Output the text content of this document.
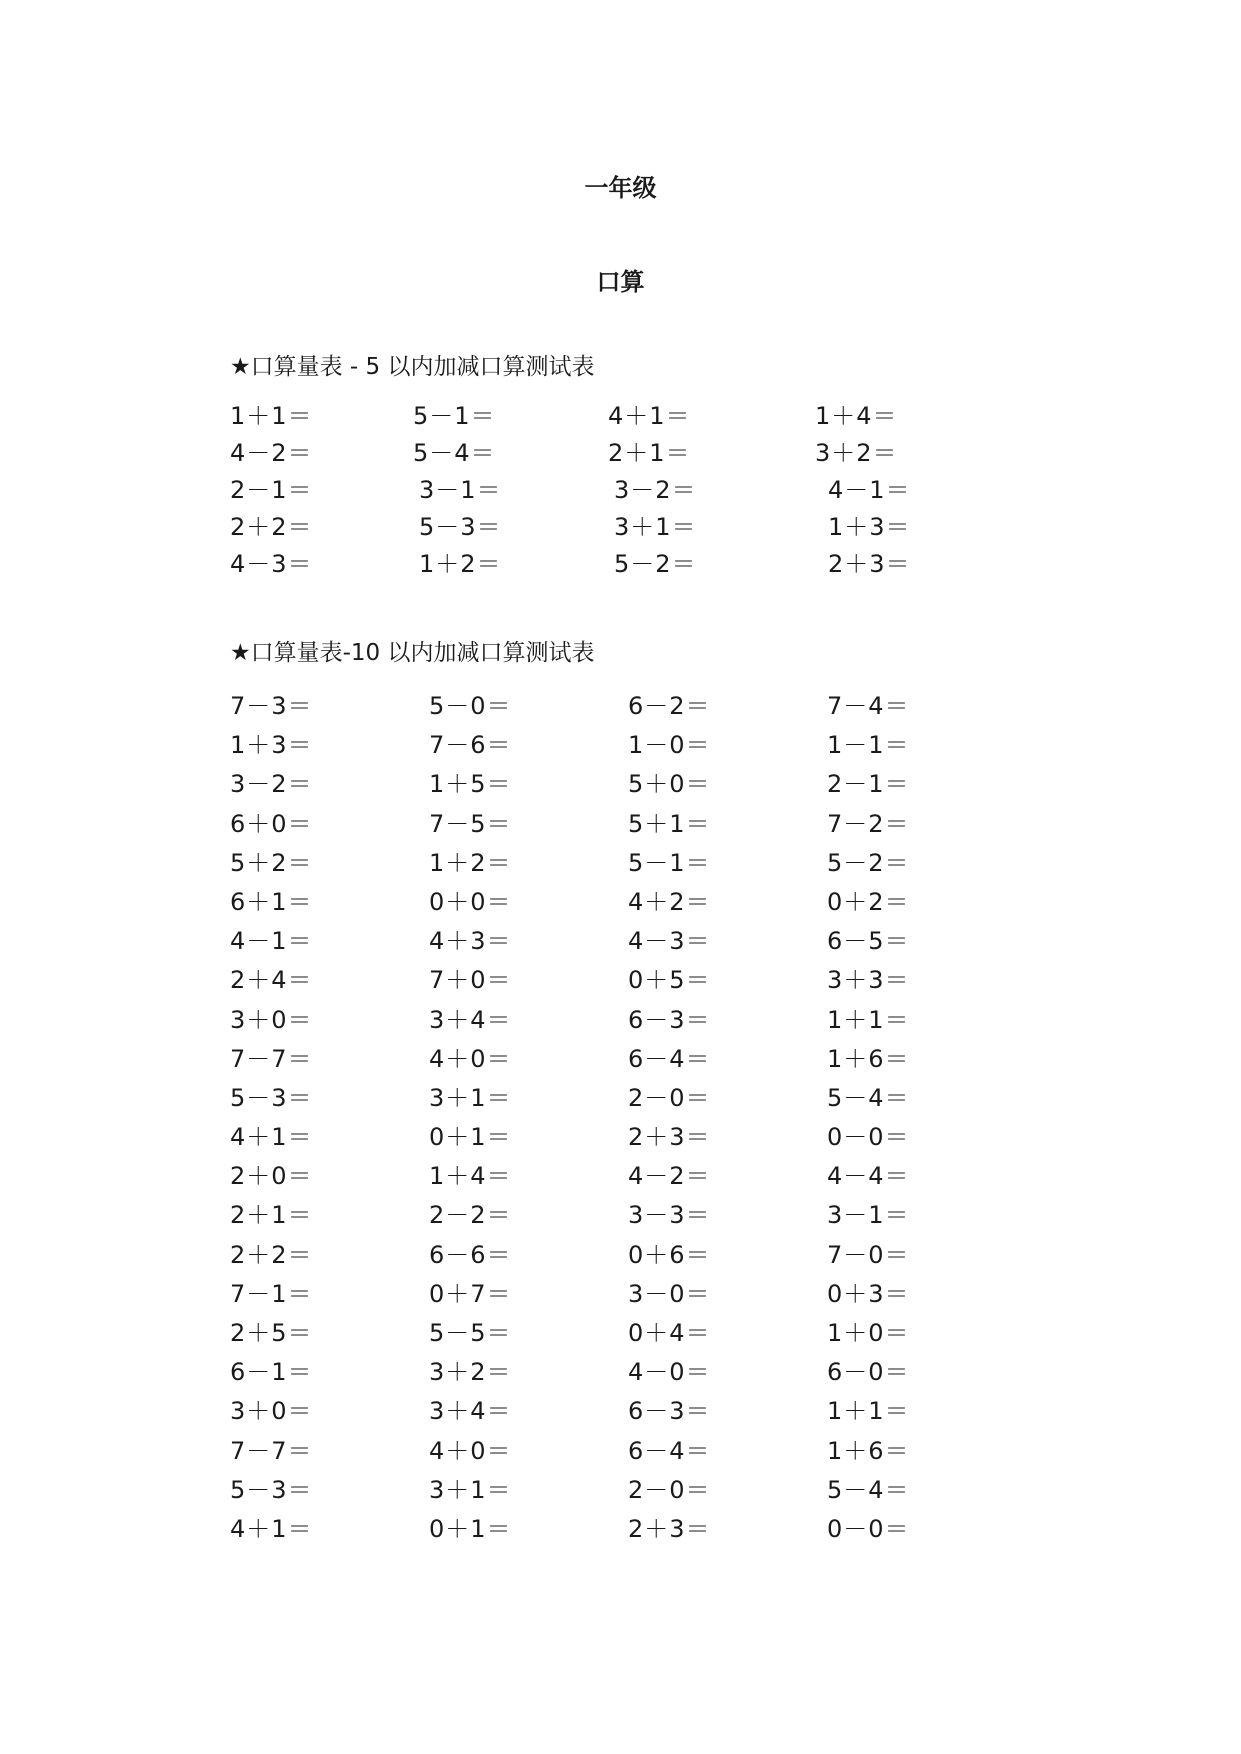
一年级
口算
★口算量表 - 5 以内加减口算测试表
1＋1＝	5－1＝	4＋1＝	1＋4＝
4－2＝	5－4＝	2＋1＝	3＋2＝
2－1＝	3－1＝	3－2＝	4－1＝
2＋2＝	5－3＝	3＋1＝	1＋3＝
4－3＝	1＋2＝	5－2＝	2＋3＝
★口算量表-10 以内加减口算测试表
7－3＝	5－0＝	6－2＝	7－4＝
1＋3＝	7－6＝	1－0＝	1－1＝
3－2＝	1＋5＝	5＋0＝	2－1＝
6＋0＝	7－5＝	5＋1＝	7－2＝
5＋2＝	1＋2＝	5－1＝	5－2＝
6＋1＝	0＋0＝	4＋2＝	0＋2＝
4－1＝	4＋3＝	4－3＝	6－5＝
2＋4＝	7＋0＝	0＋5＝	3＋3＝
3＋0＝	3＋4＝	6－3＝	1＋1＝
7－7＝	4＋0＝	6－4＝	1＋6＝
5－3＝	3＋1＝	2－0＝	5－4＝
4＋1＝	0＋1＝	2＋3＝	0－0＝
2＋0＝	1＋4＝	4－2＝	4－4＝
2＋1＝	2－2＝	3－3＝	3－1＝
2＋2＝	6－6＝	0＋6＝	7－0＝
7－1＝	0＋7＝	3－0＝	0＋3＝
2＋5＝	5－5＝	0＋4＝	1＋0＝
6－1＝	3＋2＝	4－0＝	6－0＝
3＋0＝	3＋4＝	6－3＝	1＋1＝
7－7＝	4＋0＝	6－4＝	1＋6＝
5－3＝	3＋1＝	2－0＝	5－4＝
4＋1＝	0＋1＝	2＋3＝	0－0＝
